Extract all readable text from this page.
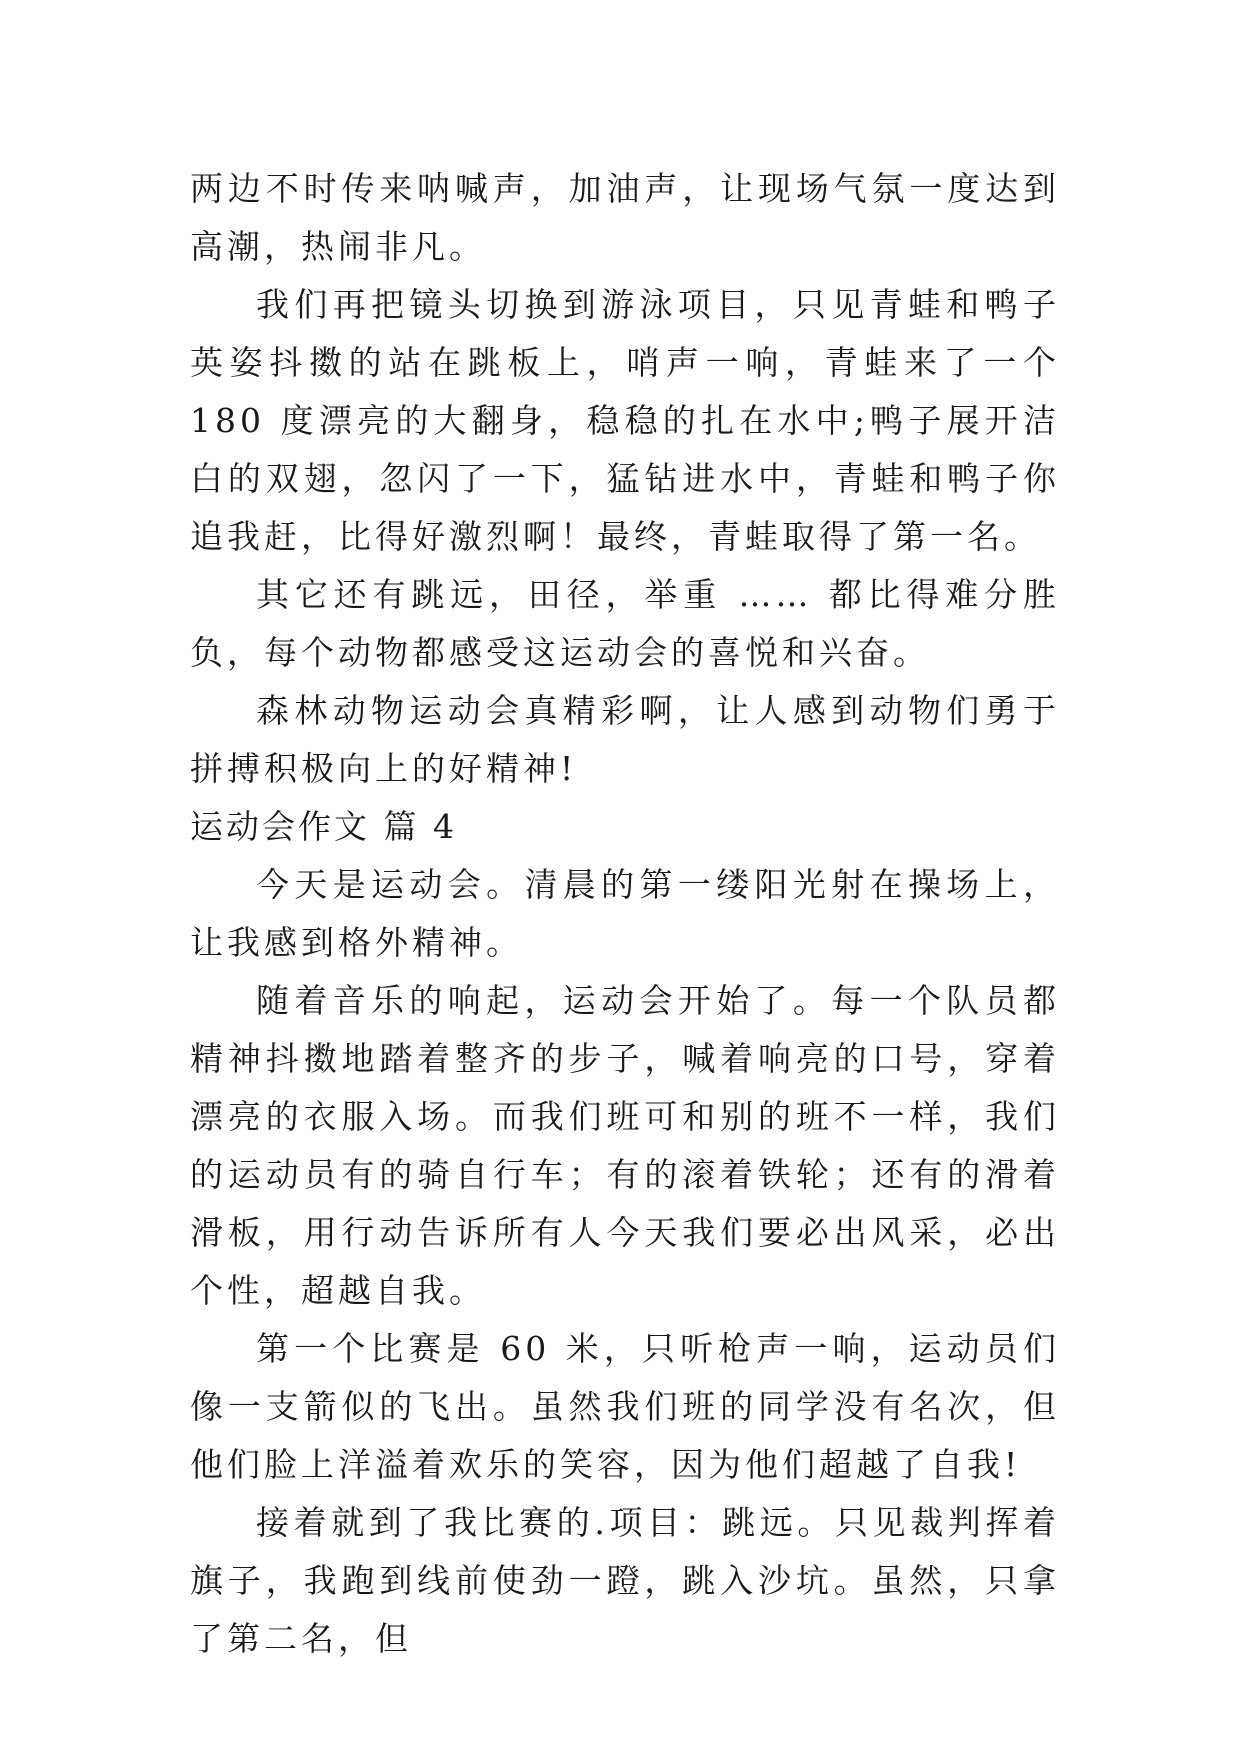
两边不时传来呐喊声，加油声，让现场气氛一度达到高潮，热闹非凡。

我们再把镜头切换到游泳项目，只见青蛙和鸭子英姿抖擞的站在跳板上，哨声一响，青蛙来了一个 180 度漂亮的大翻身，稳稳的扎在水中;鸭子展开洁白的双翅，忽闪了一下，猛钻进水中，青蛙和鸭子你追我赶，比得好激烈啊！最终，青蛙取得了第一名。

其它还有跳远，田径，举重 …… 都比得难分胜负，每个动物都感受这运动会的喜悦和兴奋。

森林动物运动会真精彩啊，让人感到动物们勇于拼搏积极向上的好精神!

运动会作文 篇 4

今天是运动会。清晨的第一缕阳光射在操场上，让我感到格外精神。

随着音乐的响起，运动会开始了。每一个队员都精神抖擞地踏着整齐的步子，喊着响亮的口号，穿着漂亮的衣服入场。而我们班可和别的班不一样，我们的运动员有的骑自行车；有的滚着铁轮；还有的滑着滑板，用行动告诉所有人今天我们要必出风采，必出个性，超越自我。

第一个比赛是 60 米，只听枪声一响，运动员们像一支箭似的飞出。虽然我们班的同学没有名次，但他们脸上洋溢着欢乐的笑容，因为他们超越了自我!

接着就到了我比赛的.项目：跳远。只见裁判挥着旗子，我跑到线前使劲一蹬，跳入沙坑。虽然，只拿了第二名，但
